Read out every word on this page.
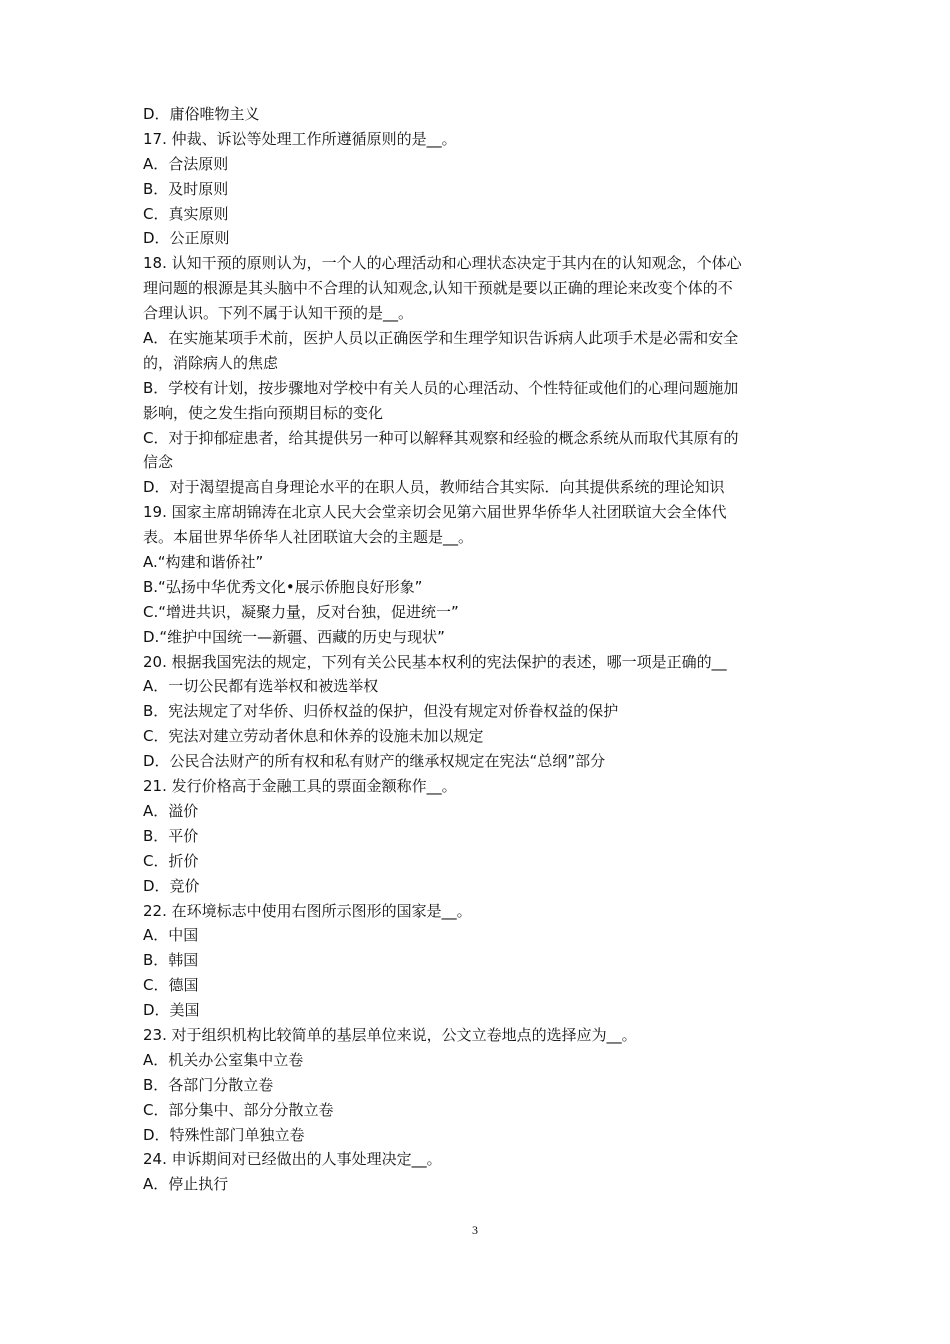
D．庸俗唯物主义
17. 仲裁、诉讼等处理工作所遵循原则的是__。
A．合法原则
B．及时原则
C．真实原则
D．公正原则
18. 认知干预的原则认为，一个人的心理活动和心理状态决定于其内在的认知观念，个体心
理问题的根源是其头脑中不合理的认知观念,认知干预就是要以正确的理论来改变个体的不
合理认识。下列不属于认知干预的是__。
A．在实施某项手术前，医护人员以正确医学和生理学知识告诉病人此项手术是必需和安全
的，消除病人的焦虑
B．学校有计划，按步骤地对学校中有关人员的心理活动、个性特征或他们的心理问题施加
影响，使之发生指向预期目标的变化
C．对于抑郁症患者，给其提供另一种可以解释其观察和经验的概念系统从而取代其原有的
信念
D．对于渴望提高自身理论水平的在职人员，教师结合其实际．向其提供系统的理论知识
19. 国家主席胡锦涛在北京人民大会堂亲切会见第六届世界华侨华人社团联谊大会全体代
表。本届世界华侨华人社团联谊大会的主题是__。
A.“构建和谐侨社”
B.“弘扬中华优秀文化•展示侨胞良好形象”
C.“增进共识，凝聚力量，反对台独，促进统一”
D.“维护中国统一—新疆、西藏的历史与现状”
20. 根据我国宪法的规定，下列有关公民基本权利的宪法保护的表述，哪一项是正确的__
A．一切公民都有选举权和被选举权
B．宪法规定了对华侨、归侨权益的保护，但没有规定对侨眷权益的保护
C．宪法对建立劳动者休息和休养的设施未加以规定
D．公民合法财产的所有权和私有财产的继承权规定在宪法“总纲”部分
21. 发行价格高于金融工具的票面金额称作__。
A．溢价
B．平价
C．折价
D．竞价
22. 在环境标志中使用右图所示图形的国家是__。
A．中国
B．韩国
C．德国
D．美国
23. 对于组织机构比较简单的基层单位来说，公文立卷地点的选择应为__。
A．机关办公室集中立卷
B．各部门分散立卷
C．部分集中、部分分散立卷
D．特殊性部门单独立卷
24. 申诉期间对已经做出的人事处理决定__。
A．停止执行
3
